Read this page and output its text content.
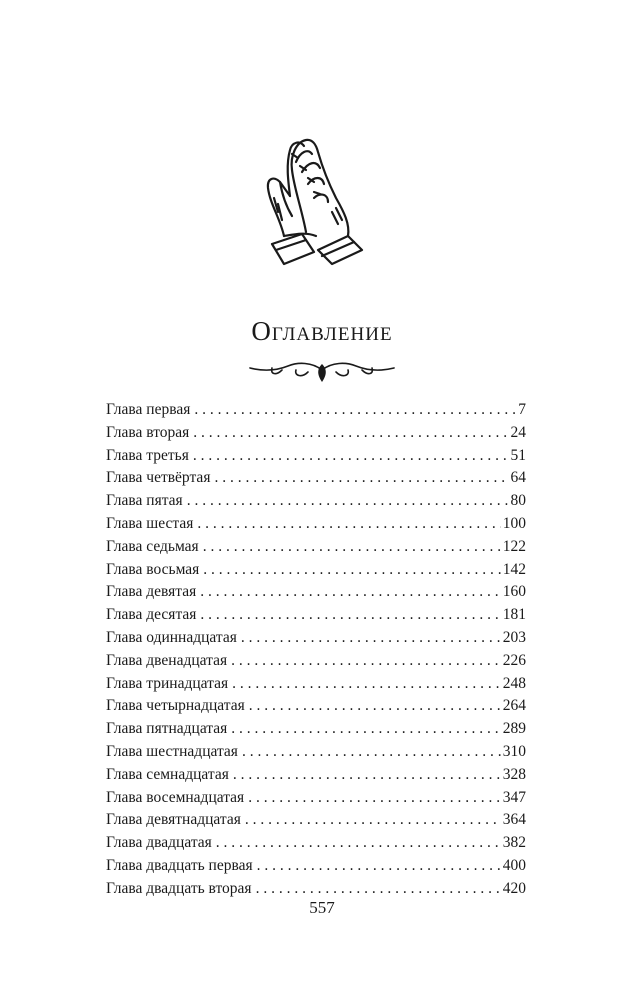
Оглавление
Глава первая . . .	7
Глава вторая . . .	24
Глава третья . . .	51
Глава четвёртая . . .	64
Глава пятая . . .	80
Глава шестая . . .	100
Глава седьмая . . .	122
Глава восьмая . . .	142
Глава девятая . . .	160
Глава десятая . . .	181
Глава одиннадцатая . . .	203
Глава двенадцатая . . .	226
Глава тринадцатая . . .	248
Глава четырнадцатая . . .	264
Глава пятнадцатая . . .	289
Глава шестнадцатая . . .	310
Глава семнадцатая . . .	328
Глава восемнадцатая . . .	347
Глава девятнадцатая . . .	364
Глава двадцатая . . .	382
Глава двадцать первая . . .	400
Глава двадцать вторая . . .	420
557
